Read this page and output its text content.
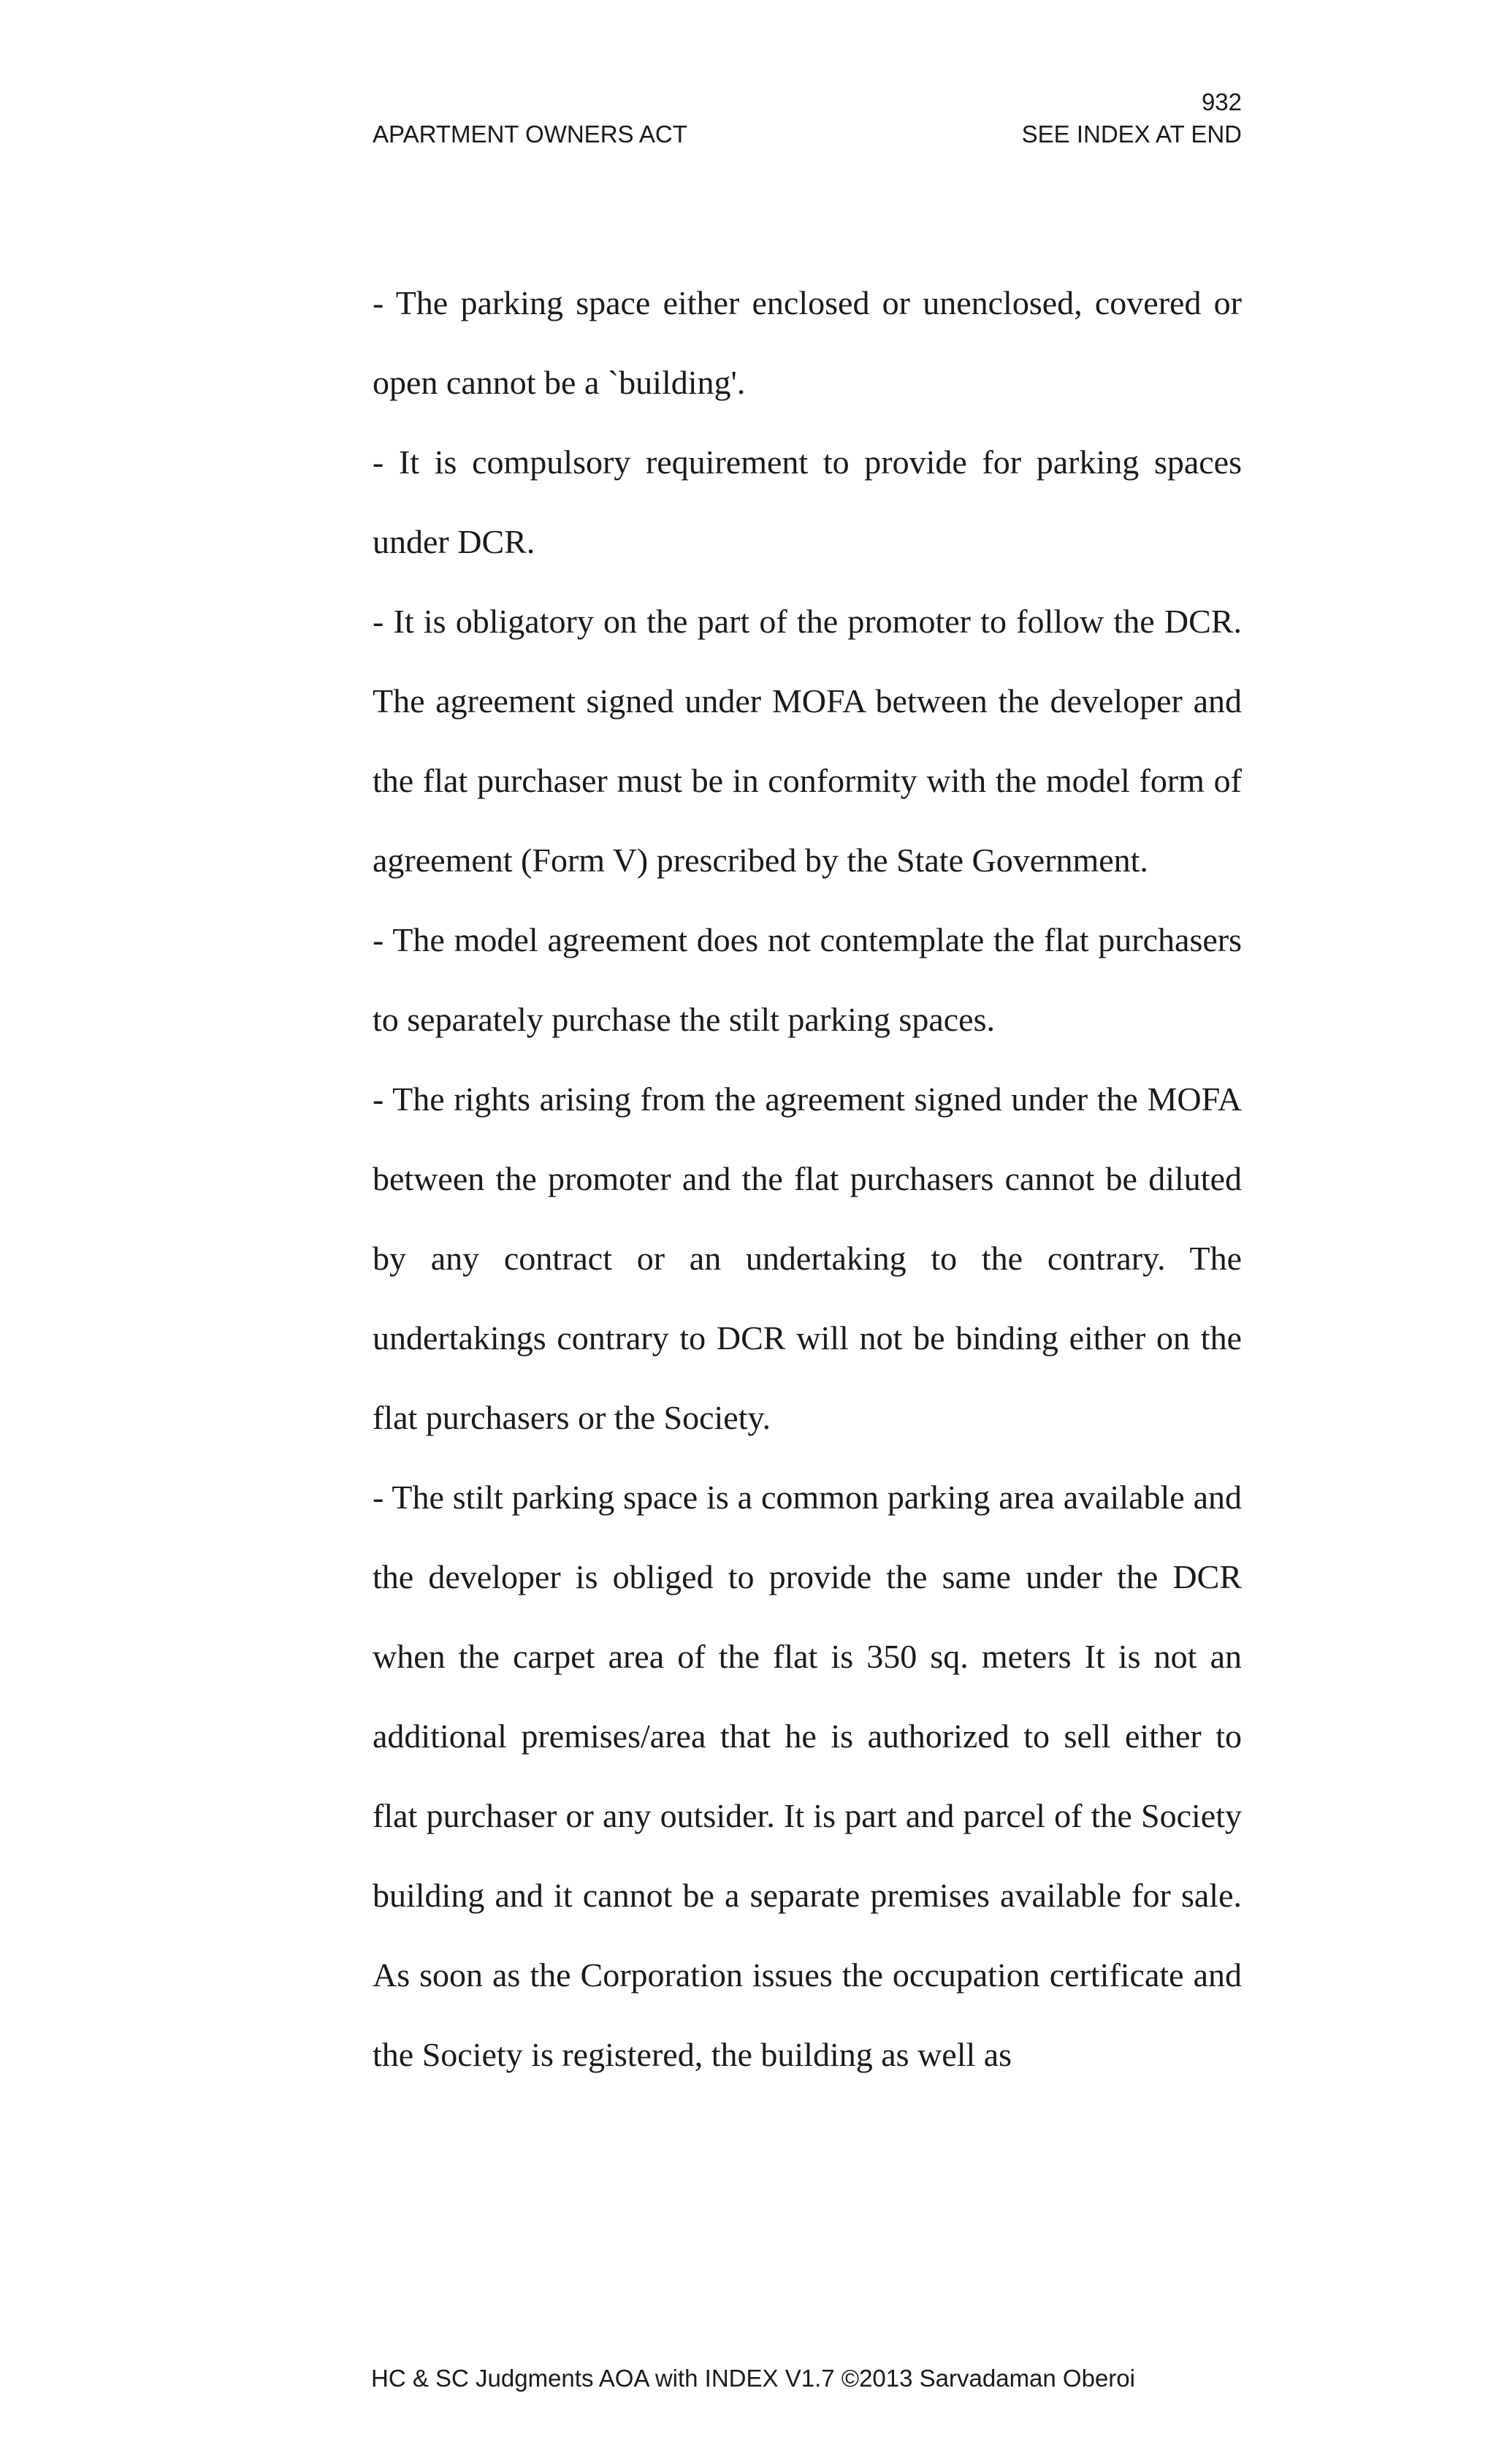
932
APARTMENT OWNERS ACT	SEE INDEX AT END

- The parking space either enclosed or unenclosed, covered or open cannot be a `building'.

- It is compulsory requirement to provide for parking spaces under DCR.

- It is obligatory on the part of the promoter to follow the DCR. The agreement signed under MOFA between the developer and the flat purchaser must be in conformity with the model form of agreement (Form V) prescribed by the State Government.

- The model agreement does not contemplate the flat purchasers to separately purchase the stilt parking spaces.

- The rights arising from the agreement signed under the MOFA between the promoter and the flat purchasers cannot be diluted by any contract or an undertaking to the contrary. The undertakings contrary to DCR will not be binding either on the flat purchasers or the Society.

- The stilt parking space is a common parking area available and the developer is obliged to provide the same under the DCR when the carpet area of the flat is 350 sq. meters It is not an additional premises/area that he is authorized to sell either to flat purchaser or any outsider. It is part and parcel of the Society building and it cannot be a separate premises available for sale. As soon as the Corporation issues the occupation certificate and the Society is registered, the building as well as

HC & SC Judgments AOA with INDEX V1.7 ©2013 Sarvadaman Oberoi
